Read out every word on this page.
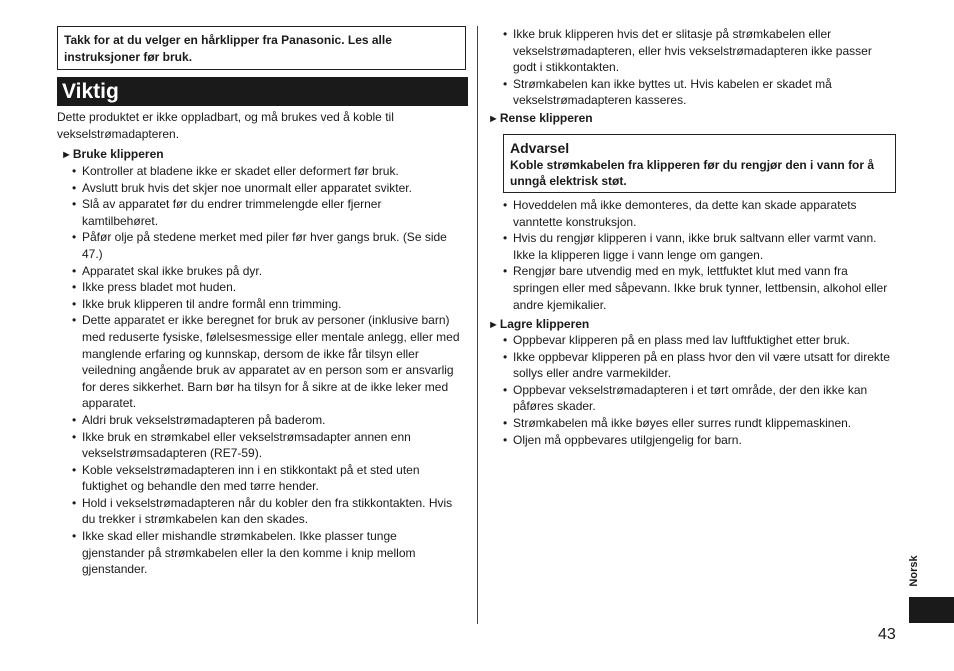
Takk for at du velger en hårklipper fra Panasonic. Les alle instruksjoner før bruk.
Viktig
Dette produktet er ikke oppladbart, og må brukes ved å koble til vekselstrømadapteren.
►Bruke klipperen
• Kontroller at bladene ikke er skadet eller deformert før bruk.
• Avslutt bruk hvis det skjer noe unormalt eller apparatet svikter.
• Slå av apparatet før du endrer trimmelengde eller fjerner kamtilbehøret.
• Påfør olje på stedene merket med piler før hver gangs bruk. (Se side 47.)
• Apparatet skal ikke brukes på dyr.
• Ikke press bladet mot huden.
• Ikke bruk klipperen til andre formål enn trimming.
• Dette apparatet er ikke beregnet for bruk av personer (inklusive barn) med reduserte fysiske, følelsesmessige eller mentale anlegg, eller med manglende erfaring og kunnskap, dersom de ikke får tilsyn eller veiledning angående bruk av apparatet av en person som er ansvarlig for deres sikkerhet. Barn bør ha tilsyn for å sikre at de ikke leker med apparatet.
• Aldri bruk vekselstrømadapteren på baderom.
• Ikke bruk en strømkabel eller vekselstrømsadapter annen enn vekselstrømsadapteren (RE7-59).
• Koble vekselstrømadapteren inn i en stikkontakt på et sted uten fuktighet og behandle den med tørre hender.
• Hold i vekselstrømadapteren når du kobler den fra stikkontakten. Hvis du trekker i strømkabelen kan den skades.
• Ikke skad eller mishandle strømkabelen. Ikke plasser tunge gjenstander på strømkabelen eller la den komme i knip mellom gjenstander.
• Ikke bruk klipperen hvis det er slitasje på strømkabelen eller vekselstrømadapteren, eller hvis vekselstrømadapteren ikke passer godt i stikkontakten.
• Strømkabelen kan ikke byttes ut. Hvis kabelen er skadet må vekselstrømadapteren kasseres.
►Rense klipperen
Advarsel
Koble strømkabelen fra klipperen før du rengjør den i vann for å unngå elektrisk støt.
• Hoveddelen må ikke demonteres, da dette kan skade apparatets vanntette konstruksjon.
• Hvis du rengjør klipperen i vann, ikke bruk saltvann eller varmt vann. Ikke la klipperen ligge i vann lenge om gangen.
• Rengjør bare utvendig med en myk, lettfuktet klut med vann fra springen eller med såpevann. Ikke bruk tynner, lettbensin, alkohol eller andre kjemikalier.
►Lagre klipperen
• Oppbevar klipperen på en plass med lav luftfuktighet etter bruk.
• Ikke oppbevar klipperen på en plass hvor den vil være utsatt for direkte sollys eller andre varmekilder.
• Oppbevar vekselstrømadapteren i et tørt område, der den ikke kan påføres skader.
• Strømkabelen må ikke bøyes eller surres rundt klippemaskinen.
• Oljen må oppbevares utilgjengelig for barn.
Norsk
43
